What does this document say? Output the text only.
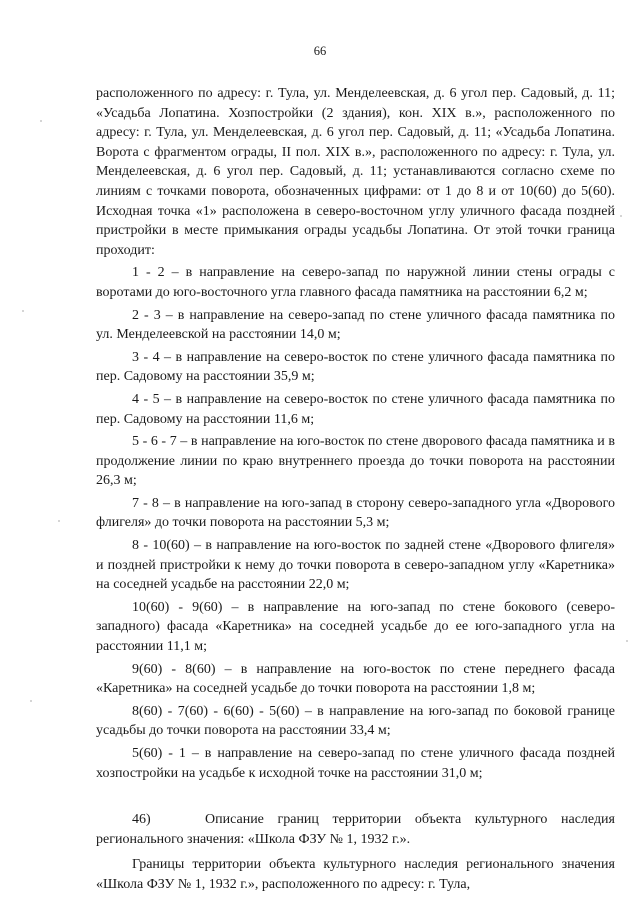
66

расположенного по адресу: г. Тула, ул. Менделеевская, д. 6 угол пер. Садовый, д. 11; «Усадьба Лопатина. Хозпостройки (2 здания), кон. XIX в.», расположенного по адресу: г. Тула, ул. Менделеевская, д. 6 угол пер. Садовый, д. 11; «Усадьба Лопатина. Ворота с фрагментом ограды, II пол. XIX в.», расположенного по адресу: г. Тула, ул. Менделеевская, д. 6 угол пер. Садовый, д. 11; устанавливаются согласно схеме по линиям с точками поворота, обозначенных цифрами: от 1 до 8 и от 10(60) до 5(60). Исходная точка «1» расположена в северо-восточном углу уличного фасада поздней пристройки в месте примыкания ограды усадьбы Лопатина. От этой точки граница проходит:

1 - 2 – в направление на северо-запад по наружной линии стены ограды с воротами до юго-восточного угла главного фасада памятника на расстоянии 6,2 м;

2 - 3 – в направление на северо-запад по стене уличного фасада памятника по ул. Менделеевской на расстоянии 14,0 м;

3 - 4 – в направление на северо-восток по стене уличного фасада памятника по пер. Садовому на расстоянии 35,9 м;

4 - 5 – в направление на северо-восток по стене уличного фасада памятника по пер. Садовому на расстоянии 11,6 м;

5 - 6 - 7 – в направление на юго-восток по стене дворового фасада памятника и в продолжение линии по краю внутреннего проезда до точки поворота на расстоянии 26,3 м;

7 - 8 – в направление на юго-запад в сторону северо-западного угла «Дворового флигеля» до точки поворота на расстоянии 5,3 м;

8 - 10(60) – в направление на юго-восток по задней стене «Дворового флигеля» и поздней пристройки к нему до точки поворота в северо-западном углу «Каретника» на соседней усадьбе на расстоянии 22,0 м;

10(60) - 9(60) – в направление на юго-запад по стене бокового (северо-западного) фасада «Каретника» на соседней усадьбе до ее юго-западного угла на расстоянии 11,1 м;

9(60) - 8(60) – в направление на юго-восток по стене переднего фасада «Каретника» на соседней усадьбе до точки поворота на расстоянии 1,8 м;

8(60) - 7(60) - 6(60) - 5(60) – в направление на юго-запад по боковой границе усадьбы до точки поворота на расстоянии 33,4 м;

5(60) - 1 – в направление на северо-запад по стене уличного фасада поздней хозпостройки на усадьбе к исходной точке на расстоянии 31,0 м;

46)    Описание границ территории объекта культурного наследия регионального значения: «Школа ФЗУ № 1, 1932 г.».

Границы территории объекта культурного наследия регионального значения «Школа ФЗУ № 1, 1932 г.», расположенного по адресу: г. Тула,
